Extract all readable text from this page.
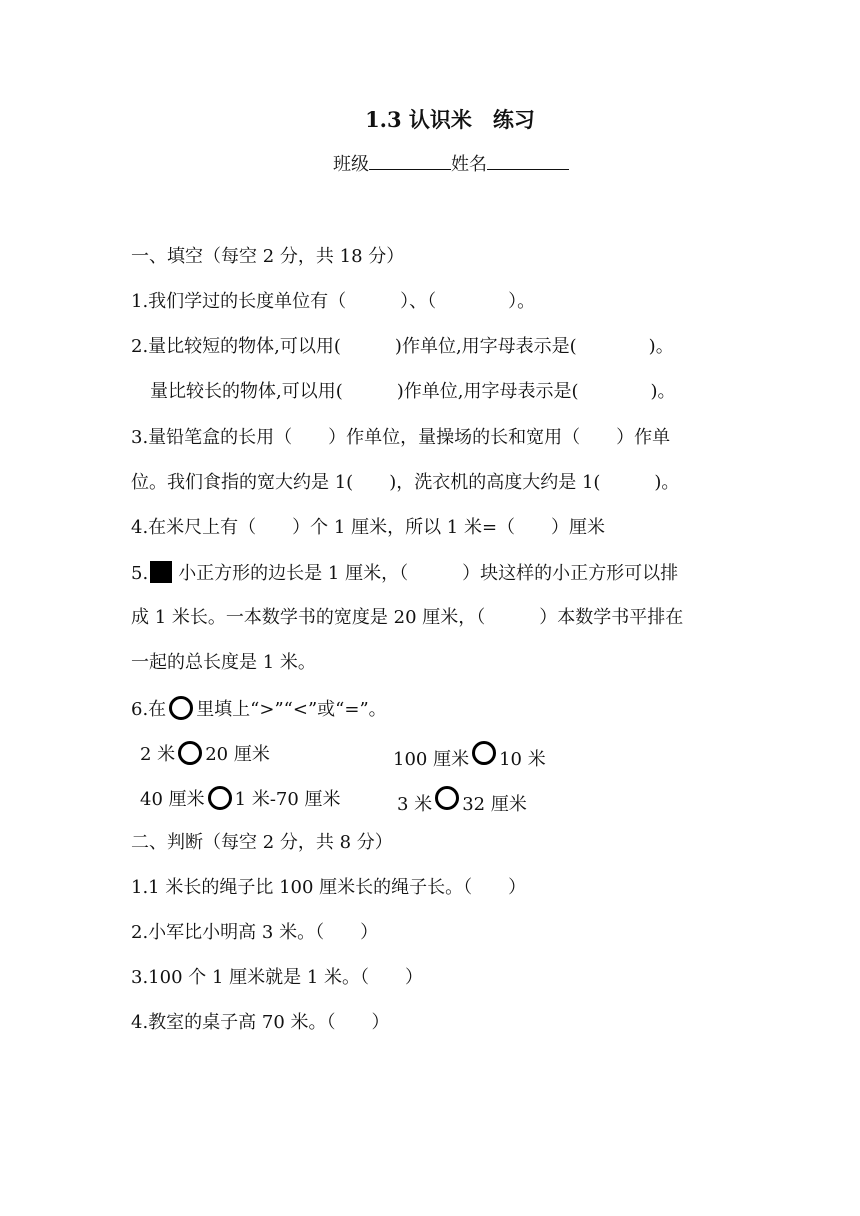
1.3 认识米　练习
班级	姓名
一、填空（每空 2 分，共 18 分）
1.我们学过的长度单位有（　　　）、（　　　　）。
2.量比较短的物体,可以用(　　　)作单位,用字母表示是(　　　　)。
量比较长的物体,可以用(　　　)作单位,用字母表示是(　　　　)。
3.量铅笔盒的长用（　　）作单位，量操场的长和宽用（　　）作单
位。我们食指的宽大约是 1(　　)，洗衣机的高度大约是 1(　　　)。
4.在米尺上有（　　）个 1 厘米，所以 1 米=（　　）厘米
5. 小正方形的边长是 1 厘米，（　　　）块这样的小正方形可以排
成 1 米长。一本数学书的宽度是 20 厘米，（　　　）本数学书平排在
一起的总长度是 1 米。
6.在 里填上“>”“<”或“=”。
2 米 20 厘米	100 厘米 10 米
40 厘米 1 米-70 厘米	3 米 32 厘米
二、判断（每空 2 分，共 8 分）
1.1 米长的绳子比 100 厘米长的绳子长。（　　）
2.小军比小明高 3 米。（　　）
3.100 个 1 厘米就是 1 米。（　　）
4.教室的桌子高 70 米。（　　）
